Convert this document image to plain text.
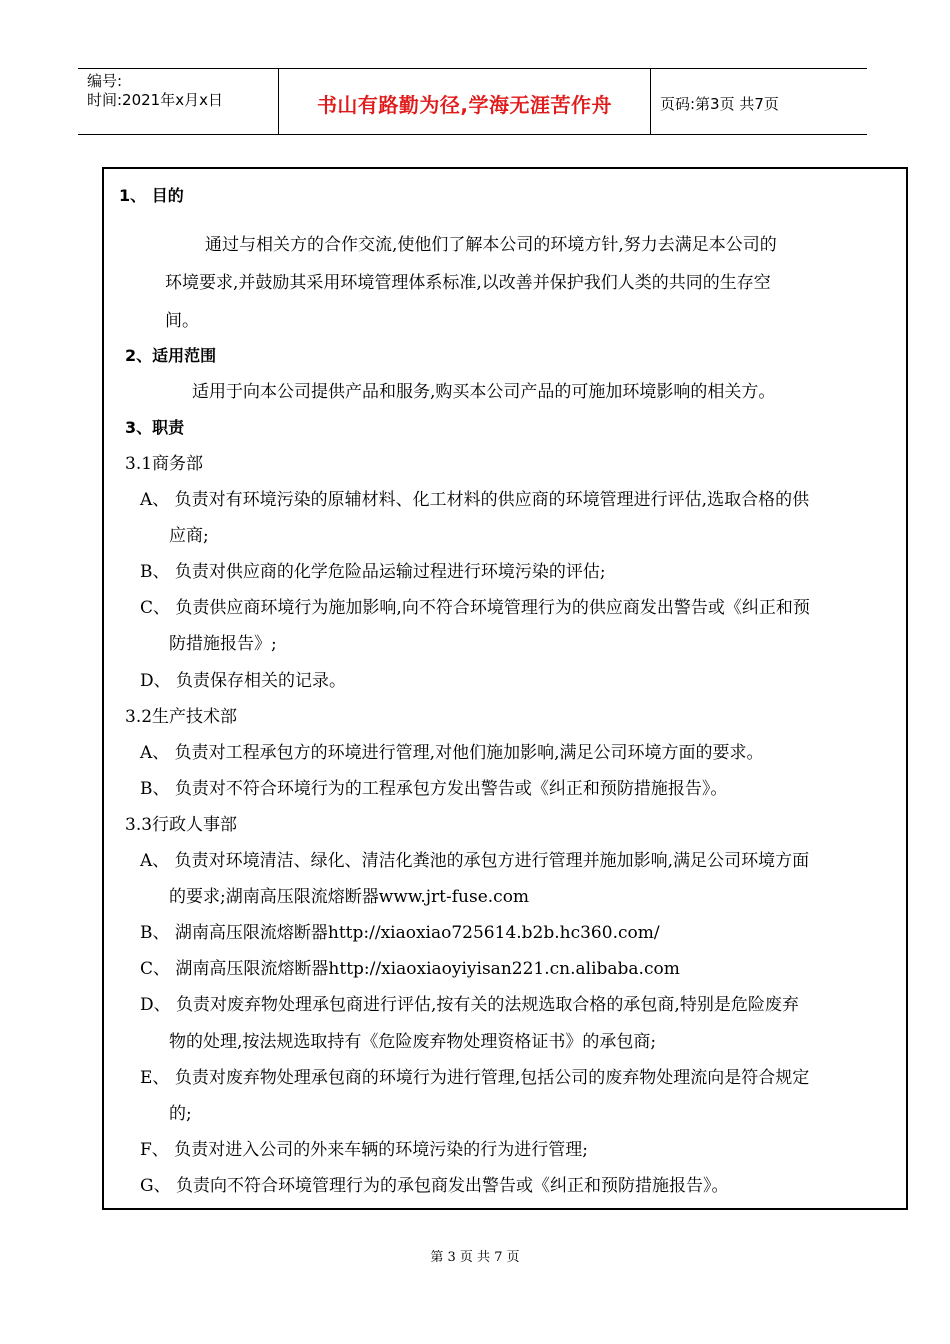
编号:
时间:2021年x月x日	书山有路勤为径,学海无涯苦作舟	页码:第3页 共7页
1、 目的
通过与相关方的合作交流,使他们了解本公司的环境方针,努力去满足本公司的
环境要求,并鼓励其采用环境管理体系标准,以改善并保护我们人类的共同的生存空
间。
2、适用范围
适用于向本公司提供产品和服务,购买本公司产品的可施加环境影响的相关方。
3、职责
3.1商务部
A、 负责对有环境污染的原辅材料、化工材料的供应商的环境管理进行评估,选取合格的供
应商;
B、 负责对供应商的化学危险品运输过程进行环境污染的评估;
C、 负责供应商环境行为施加影响,向不符合环境管理行为的供应商发出警告或《纠正和预
防措施报告》;
D、 负责保存相关的记录。
3.2生产技术部
A、 负责对工程承包方的环境进行管理,对他们施加影响,满足公司环境方面的要求。
B、 负责对不符合环境行为的工程承包方发出警告或《纠正和预防措施报告》。
3.3行政人事部
A、 负责对环境清洁、绿化、清洁化粪池的承包方进行管理并施加影响,满足公司环境方面
的要求;湖南高压限流熔断器www.jrt-fuse.com
B、 湖南高压限流熔断器http://xiaoxiao725614.b2b.hc360.com/
C、 湖南高压限流熔断器http://xiaoxiaoyiyisan221.cn.alibaba.com
D、 负责对废弃物处理承包商进行评估,按有关的法规选取合格的承包商,特别是危险废弃
物的处理,按法规选取持有《危险废弃物处理资格证书》的承包商;
E、 负责对废弃物处理承包商的环境行为进行管理,包括公司的废弃物处理流向是符合规定
的;
F、 负责对进入公司的外来车辆的环境污染的行为进行管理;
G、 负责向不符合环境管理行为的承包商发出警告或《纠正和预防措施报告》。
第 3 页 共 7 页
